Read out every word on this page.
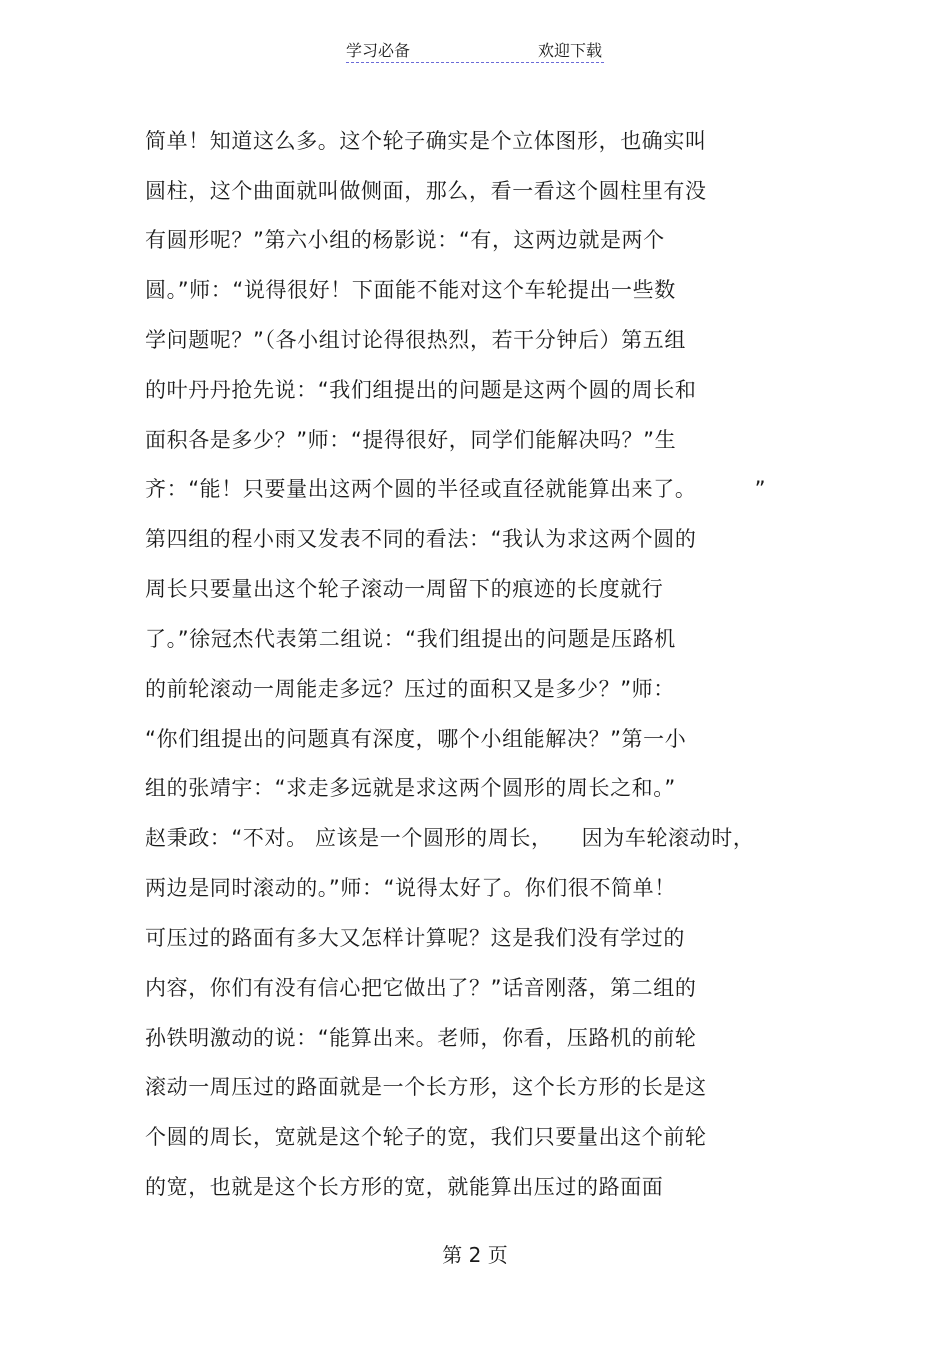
学习必备	欢迎下载
简单！知道这么多。这个轮子确实是个立体图形，也确实叫
圆柱，这个曲面就叫做侧面，那么，看一看这个圆柱里有没
有圆形呢？”第六小组的杨影说：“有，这两边就是两个
圆。”师：“说得很好！下面能不能对这个车轮提出一些数
学问题呢？”（各小组讨论得很热烈，若干分钟后）第五组
的叶丹丹抢先说：“我们组提出的问题是这两个圆的周长和
面积各是多少？”师：“提得很好，同学们能解决吗？”生
齐：“能！只要量出这两个圆的半径或直径就能算出来了。        ”
第四组的程小雨又发表不同的看法：“我认为求这两个圆的
周长只要量出这个轮子滚动一周留下的痕迹的长度就行
了。”徐冠杰代表第二组说：“我们组提出的问题是压路机
的前轮滚动一周能走多远？压过的面积又是多少？”师：
“你们组提出的问题真有深度，哪个小组能解决？”第一小
组的张靖宇：“求走多远就是求这两个圆形的周长之和。”
赵秉政：“不对。 应该是一个圆形的周长，    因为车轮滚动时，
两边是同时滚动的。”师：“说得太好了。你们很不简单！
可压过的路面有多大又怎样计算呢？这是我们没有学过的
内容，你们有没有信心把它做出了？”话音刚落，第二组的
孙铁明激动的说：“能算出来。老师，你看，压路机的前轮
滚动一周压过的路面就是一个长方形，这个长方形的长是这
个圆的周长，宽就是这个轮子的宽，我们只要量出这个前轮
的宽，也就是这个长方形的宽，就能算出压过的路面面
第 2 页
